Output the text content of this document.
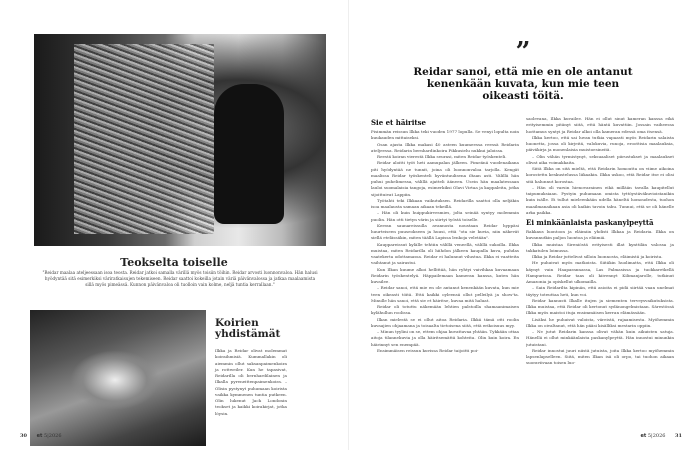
Teokselta toiselle

"Reidar maalaa ateljeessaan isoa teosta. Reidar jatkoi samalla värillä myös toisiin töihin. Reidar arvosti luonnonvaloa. Hän halusi hyödyntää sitä esimerkiksi väriratkaisujen tekemiseen. Reidar saattoi kokeilla jotain väriä päivänvalossa ja jatkaa maalaamista sillä myös pimeässä. Kunnon päivänvaloa oli tuolloin vain kolme, neljä tuntia kerrallaan."

Koirien yhdistämät

Ilkka ja Reidar olivat molemmat koiraihmisiä. Kummallakin oli aiemmin ollut saksanpaimenkoira ja rottweiler. Kun he tapasivat, Reidarilla oli bernhardilainen ja Ilkalla pyreneittenpaimenkoira. – Olisin pystynyt puhumaan koirista vaikka kymmenen tuntia putkeen. Olin lukenut Jack Londonin teokset ja kaikki koirakirjat, jotka löysin.

30 et 5|2026
”
Reidar sanoi, että mie en ole antanut kenenkään kuvata, kun mie teen oikeasti töitä.
Sie et häiritse

Pisimmän reissun Ilkka teki vuoden 1977 lopulla. Se venyi lopulta noin kuukauden mittaiseksi.

Osan ajasta Ilkka makasi 40 asteen kuumeessa reessä Reidarin ateljeessa. Reidarin bernhardinkoira Pikkusielu nukkui jaloissa.

Reestä koiran vierestä Ilkka seurasi, miten Reidar työskenteli.

Reidar aloitti työt heti aamupalan jälkeen. Pimeänä vuodenaikana piti hyödyntää ne tunnit, joina oli luonnonvaloa tarjolla. Kengät maalissa Reidar työskenteli hyväntuulisena iltaan asti. Välillä hän puhui puhelimessa, välillä ajatteli ääneen. Usein hän maalatessaan lauloi suomalaisia tangoja, esimerkiksi Olavi Virtaa ja kappaleita, jotka sijoittuivat Lappiin.

Työtahti teki Ilkkaan vaikutuksen. Reidarilla saattoi olla neljäkin isoa maalausta samaan aikaan tekeillä.

– Hän oli kuin huippukirvesmies, jolta seinää syntyy molemmin puolin. Hän otti tietyn värin ja siirtyi työstä toiselle.

Kerran saunareissulla avannosta noustaan Reidar hyppäsi huurteiseen puuseokseen ja huusi, että "ota sie kuvia, niin näkevät siellä etelässäkin, miten täällä Lapissa lenkoja veletään".

Kauppareissut kylälle tehtiin välillä veneellä, välillä sukoilla. Ilkka muistaa, miten Reidarilla oli hiihdon jälkeen kaupalla kuva, puhdas vaatekerta odottamassa. Reidar ei halunnut vilustua. Ilkka ei vaatteita vaihtanut ja sairastui.

Kun Ilkan kuume alkoi hellittää, hän ryhtyi vaivihkaa kuvaamaan Reidarin työskentelyä. Häppailemaan kameran kanssa, kuten hän kuvailee.

– Reidar sanoi, että mie en ole antanut kenenkään kuvata, kun mie teen oikeasti töitä. Että kaikki oyleensä ollut pelleilyä ja show'ta. Minulle hän sanoi, että sie et häiritse, kuvaa mitä haluat.

Reidar oli totuttu näkemään lehtien palstoilla shamaanimaisen kylähullun roolissa.

Ilkan mielestä se ei ollut aitoa Reidaria. Ilkkä tämä otti roolin kuvaajien ohjaamana ja toisaalta tietoisena siitä, että erikoisuus myy.

– Minun tyylini on se, ettem ohjaa kuvattavaa yhtään. Tykkään ottaa aitoja tilannekuvia ja olla häiritsemättä kohteita. Olin kuin koira. En häirinnyt sen enempää.

Ensimmäisen reissun kuvissa Reidar taijoitti poi-

saolevana, Ilkka kuvailee. Hän ei ollut sinut kameran kanssa eikä erityisemmin pitänyt siitä, että häntä kuvattiin. Jossain vaiheessa luottamus syntyi ja Reidar alkoi olla kameran edessä oma itsensä.

Ilkka kertoo, että sai luvan tutkia vapaasti myös Reidarin salaista huonetta, jossa oli kirjeitä, valokuvia, runoja, eroottisia maalauksia, päiväkirja ja monenlaisia muistoesineitä.

– Olin vähän tyrmistynyt, seksuaaliset piirustukset ja maalaukset olivat aika voimakkaita.

Siitä Ilkka on sitä mieltä, että Reidarin homoutta on viime aikoina korostettu keskustelussa liikaakin. Ilkka uskoo, että Reidar itse ei olisi sitä halunnut korostaa.

– Hän oli varsin hienovarainen eikä millään tavalla kaupitellut taipumuksiaan. Pystyin puhumaan omista tyttöystäväkuvioistanikin kuin isälle. Ei tullut mieleenkään udella häneltä homoudesta, tuohon maailmanaikaan asia oli kaikin tavoin tabu. Tunnui, että se oli hänelle arka paikka.

Ei minkäänlaista paskanylpeyttä

Rakkaus luontoon ja eläimiin yhdisti Ilkkaa ja Reidaria. Ilkka on kuvannutkin paljon luontoa ja eläimiä.

Ilkka muistaa Sireniöstä erityisesti illat kynttilän valossa ja takkatulen loimussa.

Ilkka ja Reidar juttelivat silloin luonnosta, eläimistä ja koirista.

He puhuivat myös matkoista. Siitäkin huolimatta, että Ilkka oli käynyt vain Haaparannassa, Las Palmasissa ja tuokkaretkellä Hampurissa. Reidar taas oli kiivennyt Kilimanjarolle, tutkinut Amazonia ja opiskellut ulkomailla.

– Sain Reidarilta kipinän, että asioita ei pidä siirtää vaan unelmat täytyy toteuttaa heti, kun voi.

Reidar kannusti Ilkalle itujen ja siementen terveysvaikutuksista. Ilkka muistaa, että Reidar oli kertonut sydänongelmistaan. Särestössä Ilkka myös maistoi ituja ensimmäisen kerran elämässään.

Lisäksi he puhuivat valoista, väreistä, rajaamisesta. Myöhemmin Ilkka on oivaltanut, että hän pääsi kisälliksi mestarin oppiin.

– Ne jutut Reidarin kanssa olivat vähän kuin aikuisten satuja. Hänellä ei ollut minkäänlaista paskanylpeyttä. Hän innostui minunkin jutuistani.

Reidar innostui juuri niistä jutuista, joita Ilkka kertoo myöhemmin lapsenlapselleen. Siitä, miten Ilkan isä oli orpo, tai tuohon aikaan suoraviivaan toisen luo-

et 5|2026 31
